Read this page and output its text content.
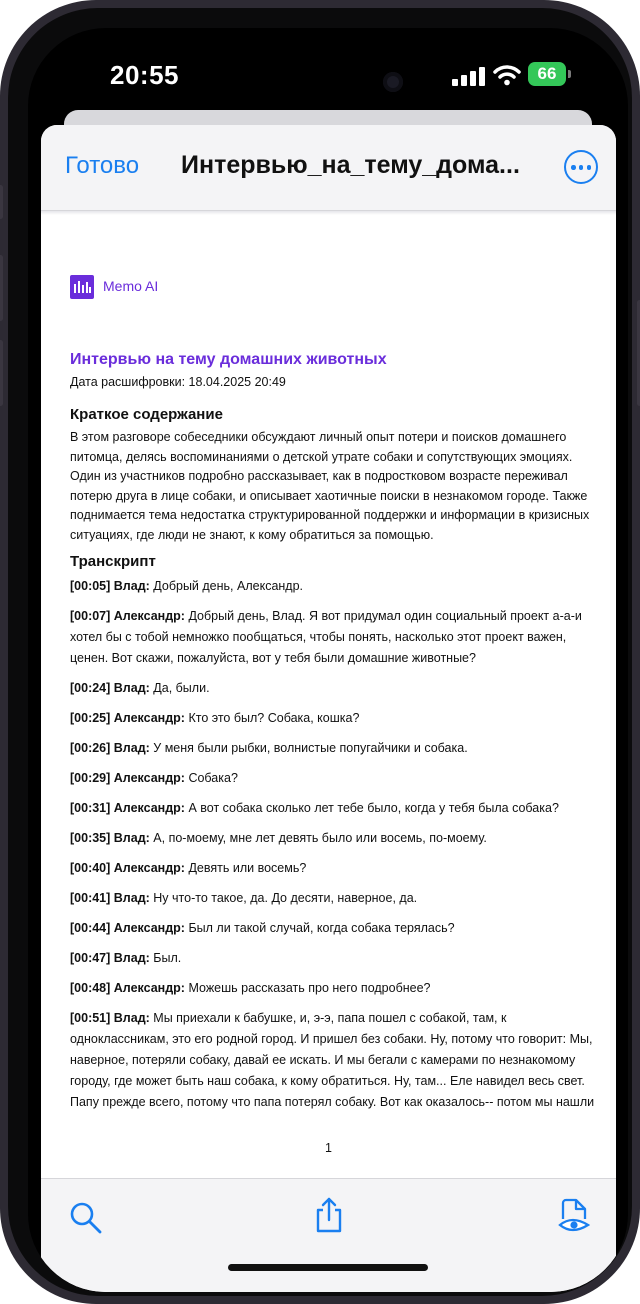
20:55	66
Готово Интервью_на_тему_дома...
Memo AI
Интервью на тему домашних животных
Дата расшифровки: 18.04.2025 20:49
Краткое содержание
В этом разговоре собеседники обсуждают личный опыт потери и поисков домашнего
питомца, делясь воспоминаниями о детской утрате собаки и сопутствующих эмоциях.
Один из участников подробно рассказывает, как в подростковом возрасте переживал
потерю друга в лице собаки, и описывает хаотичные поиски в незнакомом городе. Также
поднимается тема недостатка структурированной поддержки и информации в кризисных
ситуациях, где люди не знают, к кому обратиться за помощью.
Транскрипт
[00:05] Влад: Добрый день, Александр.
[00:07] Александр: Добрый день, Влад. Я вот придумал один социальный проект а-а-и
хотел бы с тобой немножко пообщаться, чтобы понять, насколько этот проект важен,
ценен. Вот скажи, пожалуйста, вот у тебя были домашние животные?
[00:24] Влад: Да, были.
[00:25] Александр: Кто это был? Собака, кошка?
[00:26] Влад: У меня были рыбки, волнистые попугайчики и собака.
[00:29] Александр: Собака?
[00:31] Александр: А вот собака сколько лет тебе было, когда у тебя была собака?
[00:35] Влад: А, по-моему, мне лет девять было или восемь, по-моему.
[00:40] Александр: Девять или восемь?
[00:41] Влад: Ну что-то такое, да. До десяти, наверное, да.
[00:44] Александр: Был ли такой случай, когда собака терялась?
[00:47] Влад: Был.
[00:48] Александр: Можешь рассказать про него подробнее?
[00:51] Влад: Мы приехали к бабушке, и, э-э, папа пошел с собакой, там, к
одноклассникам, это его родной город. И пришел без собаки. Ну, потому что говорит: Мы,
наверное, потеряли собаку, давай ее искать. И мы бегали с камерами по незнакомому
городу, где может быть наш собака, к кому обратиться. Ну, там... Еле навидел весь свет.
Папу прежде всего, потому что папа потерял собаку. Вот как оказалось-- потом мы нашли
1
